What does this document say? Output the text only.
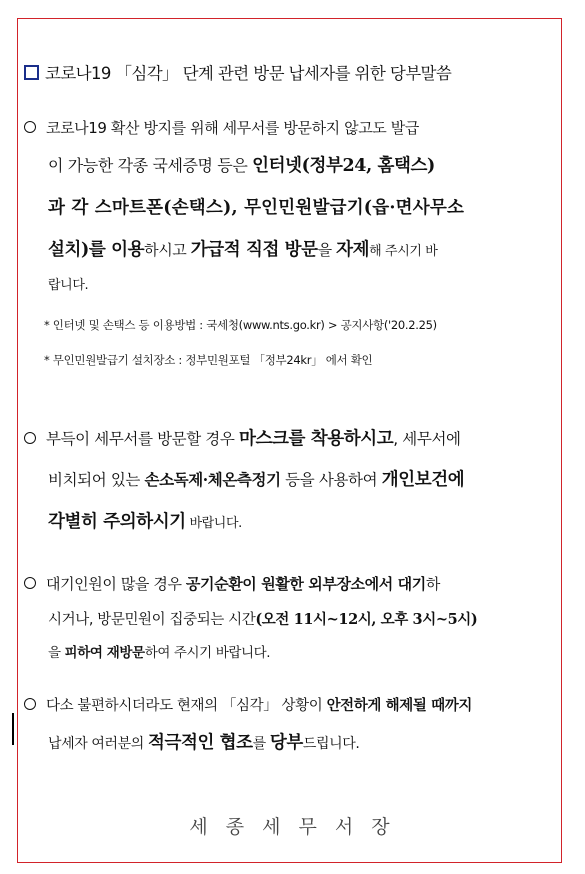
코로나19 「심각」 단계 관련 방문 납세자를 위한 당부말씀
코로나19 확산 방지를 위해 세무서를 방문하지 않고도 발급
이 가능한 각종 국세증명 등은 인터넷(정부24, 홈택스)
과 각 스마트폰(손택스), 무인민원발급기(읍·면사무소
설치)를 이용하시고 가급적 직접 방문을 자제해 주시기 바
랍니다.
* 인터넷 및 손택스 등 이용방법 : 국세청(www.nts.go.kr) > 공지사항('20.2.25)
* 무인민원발급기 설치장소 : 정부민원포털 「정부24kr」 에서 확인
부득이 세무서를 방문할 경우 마스크를 착용하시고, 세무서에
비치되어 있는 손소독제·체온측정기 등을 사용하여 개인보건에
각별히 주의하시기 바랍니다.
대기인원이 많을 경우 공기순환이 원활한 외부장소에서 대기하
시거나, 방문민원이 집중되는 시간(오전 11시~12시, 오후 3시~5시)
을 피하여 재방문하여 주시기 바랍니다.
다소 불편하시더라도 현재의 「심각」 상황이 안전하게 해제될 때까지
납세자 여러분의 적극적인 협조를 당부드립니다.
세 종 세 무 서 장
